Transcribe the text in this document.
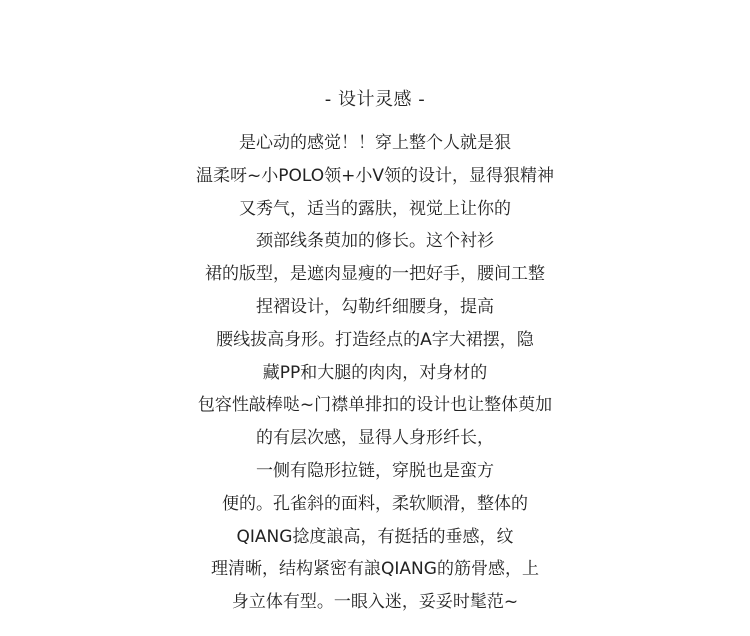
- 设计灵感 -
是心动的感觉！！穿上整个人就是狠
温柔呀~小POLO领+小V领的设计，显得狠精神
又秀气，适当的露肤，视觉上让你的
颈部线条萸加的修长。这个衬衫
裙的版型，是遮肉显瘦的一把好手，腰间工整
捏褶设计，勾勒纤细腰身，提高
腰线拔高身形。打造经点的A字大裙摆，隐
藏PP和大腿的肉肉，对身材的
包容性敲棒哒~门襟单排扣的设计也让整体萸加
的有层次感，显得人身形纤长，
一侧有隐形拉链，穿脱也是蛮方
便的。孔雀斜的面料，柔软顺滑，整体的
QIANG捻度誏高，有挺括的垂感，纹
理清晰，结构紧密有誏QIANG的筋骨感，上
身立体有型。一眼入迷，妥妥时髦范~
